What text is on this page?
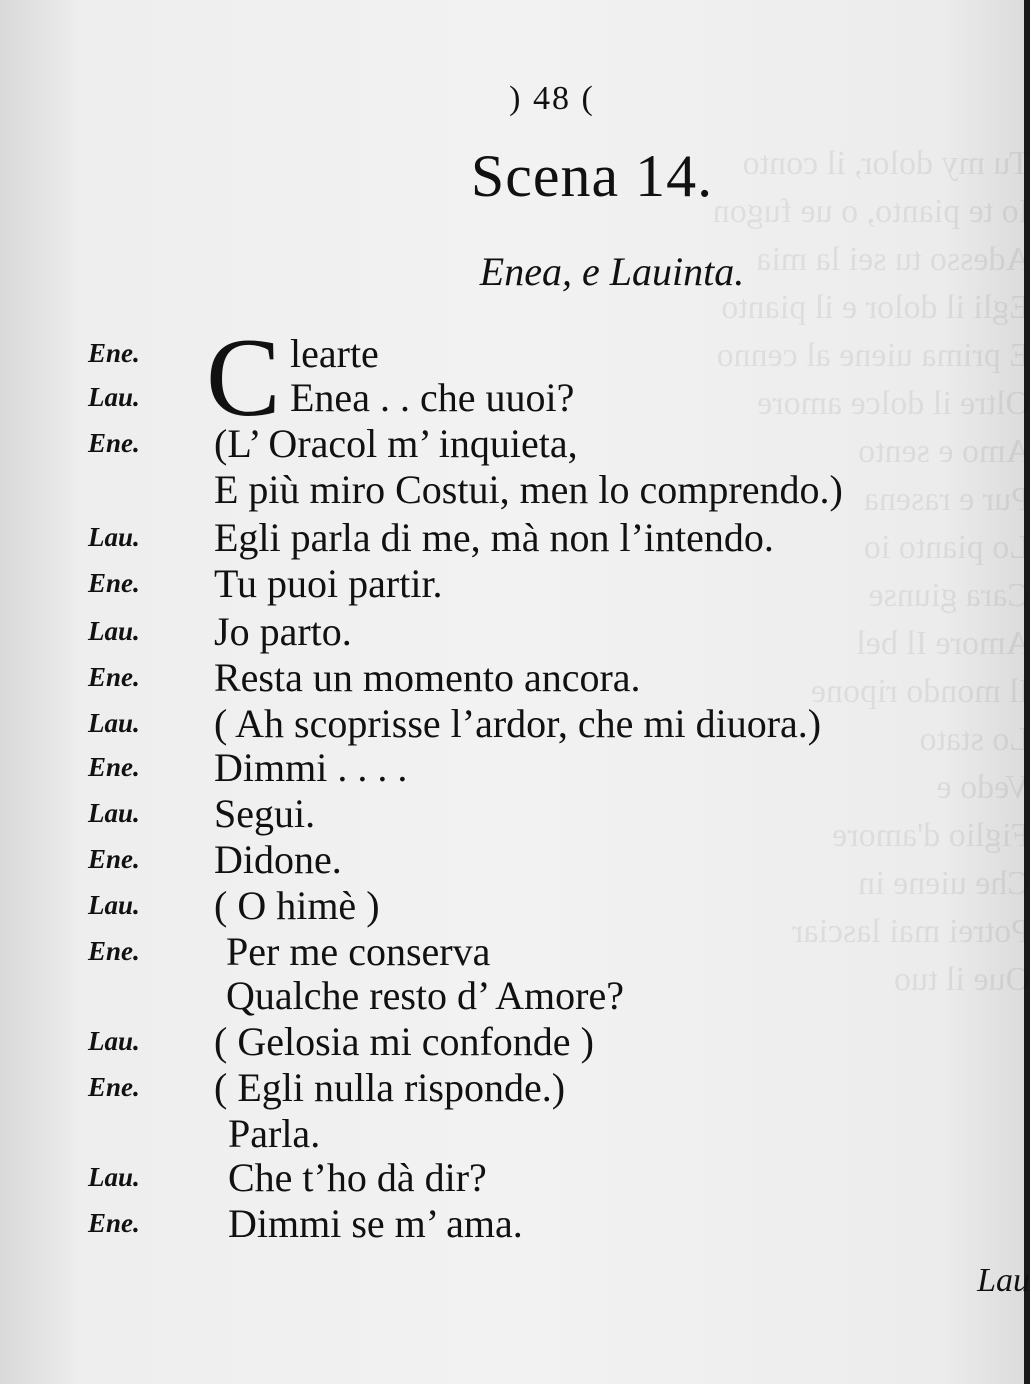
Tu my dolor, il conto
Io te pianto, o ue fugon
Adesso tu sei la mia
Egli il dolor e il pianto
E prima uiene al cenno
Oltre il dolce amore
Amo e sento
Pur e rasena
Lo pianto io
Cara giunse
Amore Il bel
Il mondo ripone
Lo stato
Vedo e
Figlio d'amore
Che uiene in
Potrei mai lasciar
Oue il tuo
) 48 (
Scena 14.
Enea, e Lauinta.
C
Ene.	learte
Lau.	Enea . . che uuoi?
Ene.	(L’ Oracol m’ inquieta,
E più miro Costui, men lo comprendo.)
Lau.	Egli parla di me, mà non l’intendo.
Ene.	Tu puoi partir.
Lau.	Jo parto.
Ene.	Resta un momento ancora.
Lau.	( Ah scoprisse l’ardor, che mi diuora.)
Ene.	Dimmi . . . .
Lau.	Segui.
Ene.	Didone.
Lau.	( O himè )
Ene.	Per me conserva
Qualche resto d’ Amore?
Lau.	( Gelosia mi confonde )
Ene.	( Egli nulla risponde.)
Parla.
Lau.	Che t’ho dà dir?
Ene.	Dimmi se m’ ama.
Lau
